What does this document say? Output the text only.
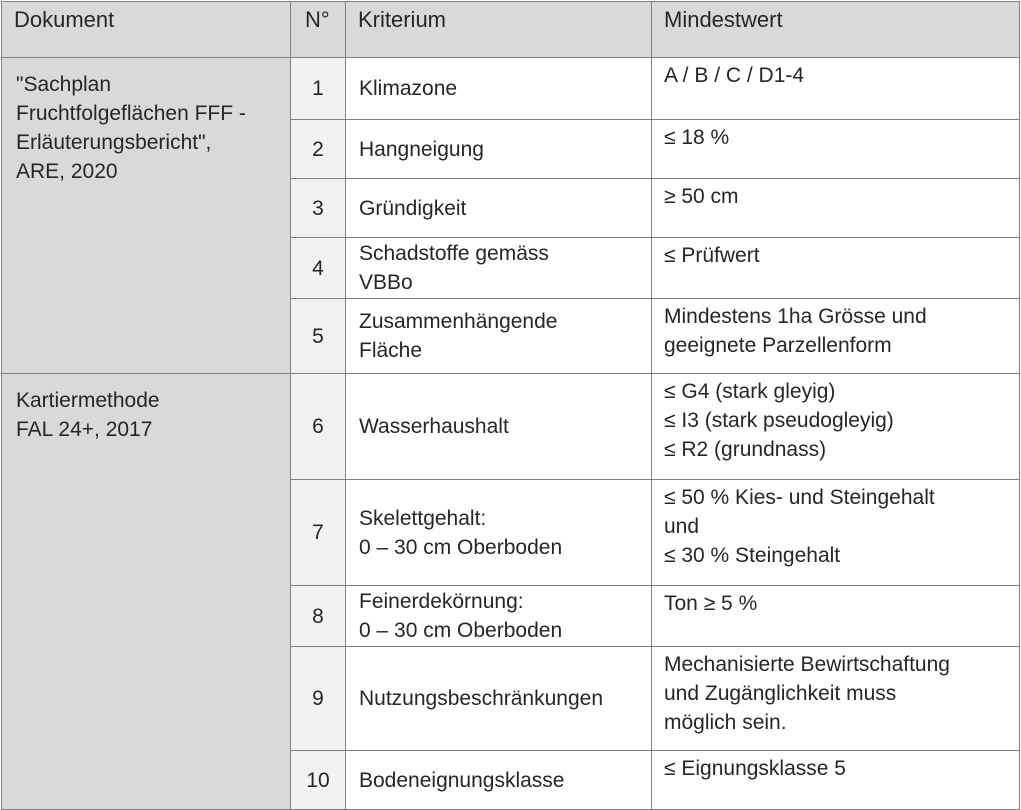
Dokument	N°	Kriterium	Mindestwert

"Sachplan
Fruchtfolgeflächen FFF -
Erläuterungsbericht",
ARE, 2020	1	Klimazone	A / B / C / D1-4

	2	Hangneigung	≤ 18 %

	3	Gründigkeit	≥ 50 cm

	4	Schadstoffe gemäss
VBBo	≤ Prüfwert

	5	Zusammenhängende
Fläche	Mindestens 1ha Grösse und
geeignete Parzellenform

Kartiermethode
FAL 24+, 2017	6	Wasserhaushalt	≤ G4 (stark gleyig)
≤ I3 (stark pseudogleyig)
≤ R2 (grundnass)

	7	Skelettgehalt:
0 – 30 cm Oberboden	≤ 50 % Kies- und Steingehalt
und
≤ 30 % Steingehalt

	8	Feinerdekörnung:
0 – 30 cm Oberboden	Ton ≥ 5 %

	9	Nutzungsbeschränkungen	Mechanisierte Bewirtschaftung
und Zugänglichkeit muss
möglich sein.

	10	Bodeneignungsklasse	≤ Eignungsklasse 5
